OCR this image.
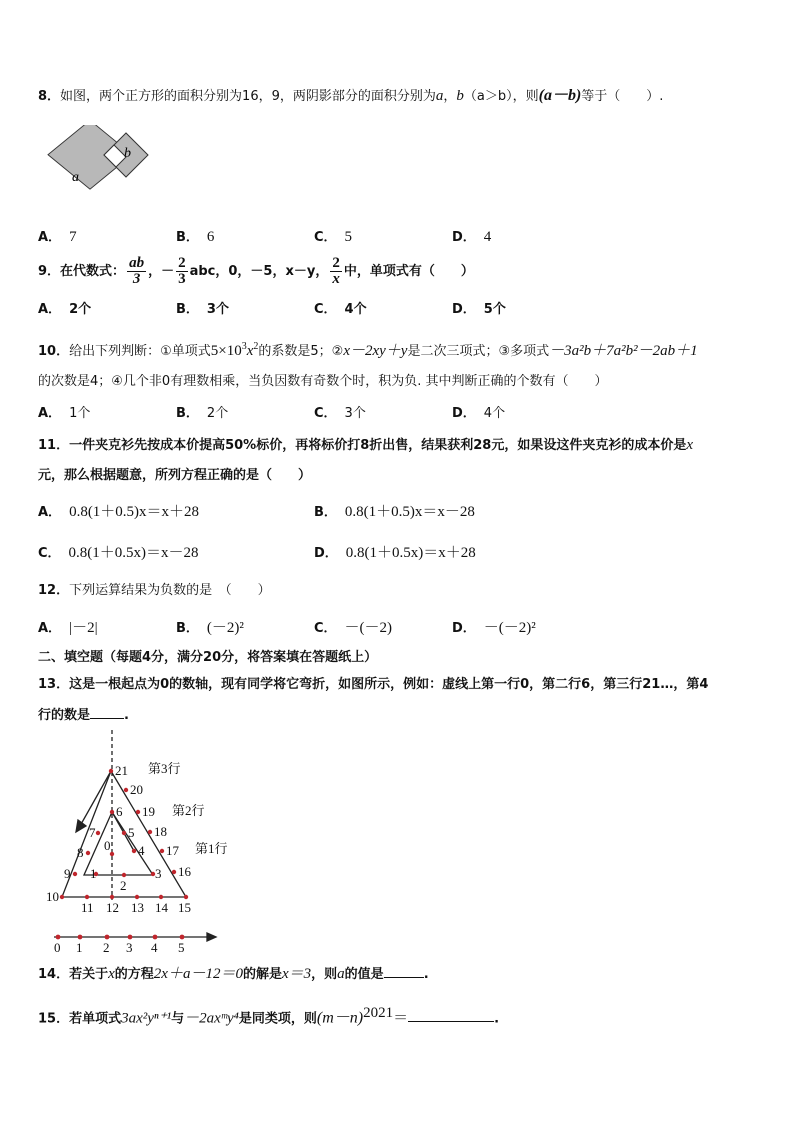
8．如图，两个正方形的面积分别为16，9，两阴影部分的面积分别为a，b（a＞b），则(a－b)等于（　　）.
a
b
A． 7	B． 6	C． 5	D． 4
9．在代数式： $\frac{ab}{3}$ ，－ $\frac{2}{3}$ abc，0，－5，x－y， $\frac{2}{x}$ 中，单项式有（　　）
A． 2个	B． 3个	C． 4个	D． 5个
10．给出下列判断：①单项式$5\times 10^3x^2$的系数是5；②x－2xy＋y是二次三项式；③多项式－3a²b＋7a²b²－2ab＋1
的次数是4；④几个非0有理数相乘，当负因数有奇数个时，积为负. 其中判断正确的个数有（　　）
A． 1个	B． 2个	C． 3个	D． 4个
11．一件夹克衫先按成本价提高50%标价，再将标价打8折出售，结果获利28元，如果设这件夹克衫的成本价是x
元，那么根据题意，所列方程正确的是（　　）
A． 0.8(1＋0.5)x＝x＋28	B． 0.8(1＋0.5)x＝x－28
C． 0.8(1＋0.5x)＝x－28	D． 0.8(1＋0.5x)＝x＋28
12．下列运算结果为负数的是　（　　）
A． |－2|	B． (－2)²	C． －(－2)	D． －(－2)²
二、填空题（每题4分，满分20分，将答案填在答题纸上）
13．这是一根起点为0的数轴，现有同学将它弯折，如图所示，例如：虚线上第一行0，第二行6，第三行21…，第4
行的数是	.
0
1
2
3
4
5
6
7
8
9
10
11 12 13 14 15
16
17
18
19
20
21 第3行
第2行
第1行
0 1 2 3 4 5
14．若关于x的方程2x＋a－12＝0的解是x＝3，则a的值是	.
15．若单项式3ax²yⁿ⁺¹与－2axᵐy⁴是同类项，则$(m-n)^{2021}=$	.
